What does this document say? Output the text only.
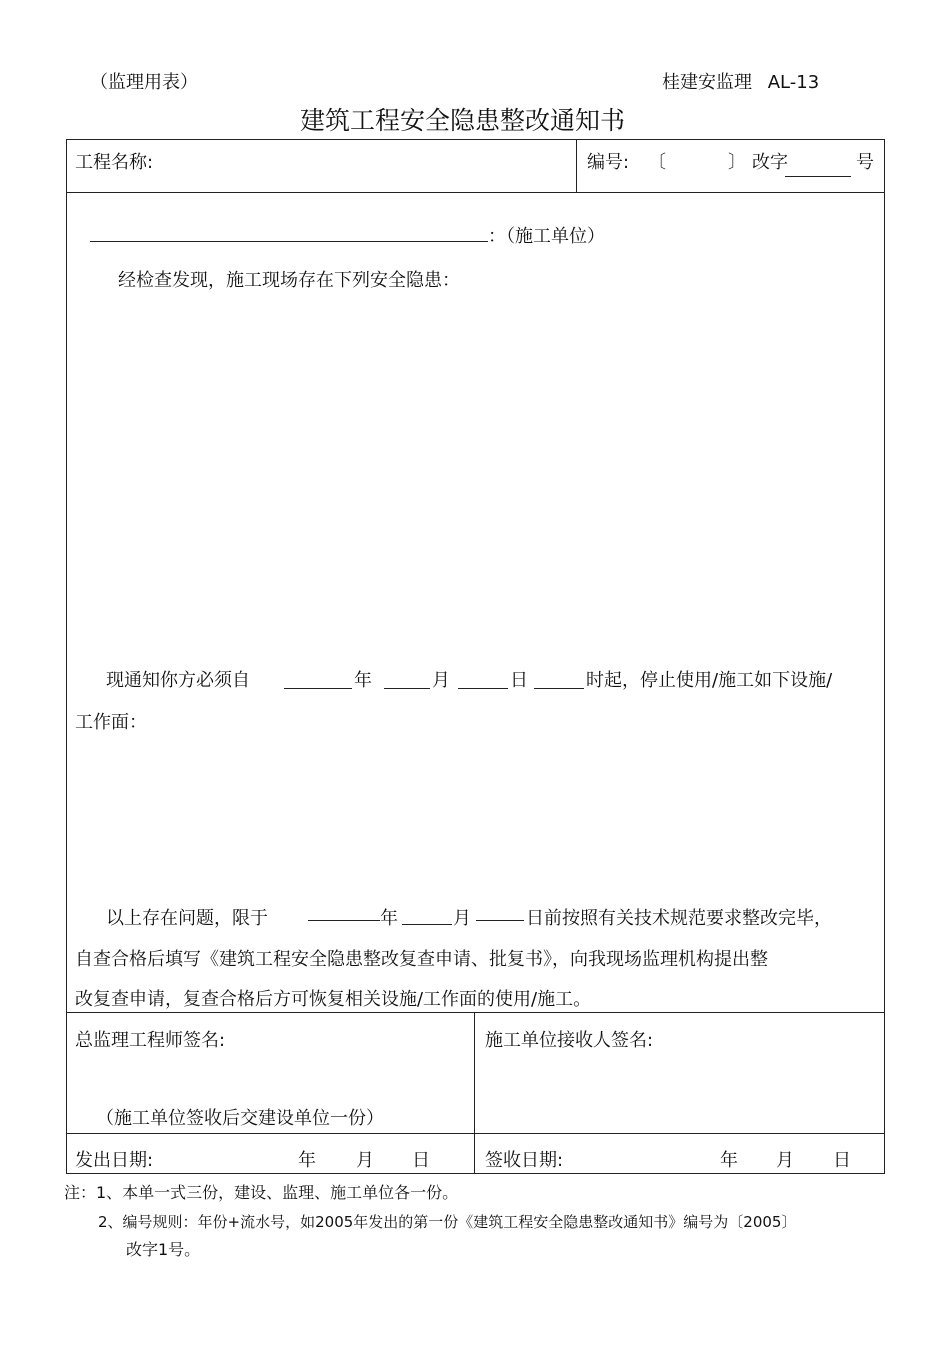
（监理用表）	桂建安监理 AL-13
建筑工程安全隐患整改通知书
工程名称:	编号: 〔	〕 改字	号
：（施工单位）
经检查发现，施工现场存在下列安全隐患：
现通知你方必须自	年	月	日	时起，停止使用/施工如下设施/
工作面：
以上存在问题，限于	年	月	日前按照有关技术规范要求整改完毕，
自查合格后填写《建筑工程安全隐患整改复查申请、批复书》，向我现场监理机构提出整
改复查申请，复查合格后方可恢复相关设施/工作面的使用/施工。
总监理工程师签名:	施工单位接收人签名:
（施工单位签收后交建设单位一份）
发出日期:	年 月 日	签收日期:	年 月 日
注：1、本单一式三份，建设、监理、施工单位各一份。
2、编号规则：年份+流水号，如2005年发出的第一份《建筑工程安全隐患整改通知书》编号为〔2005〕
改字1号。
